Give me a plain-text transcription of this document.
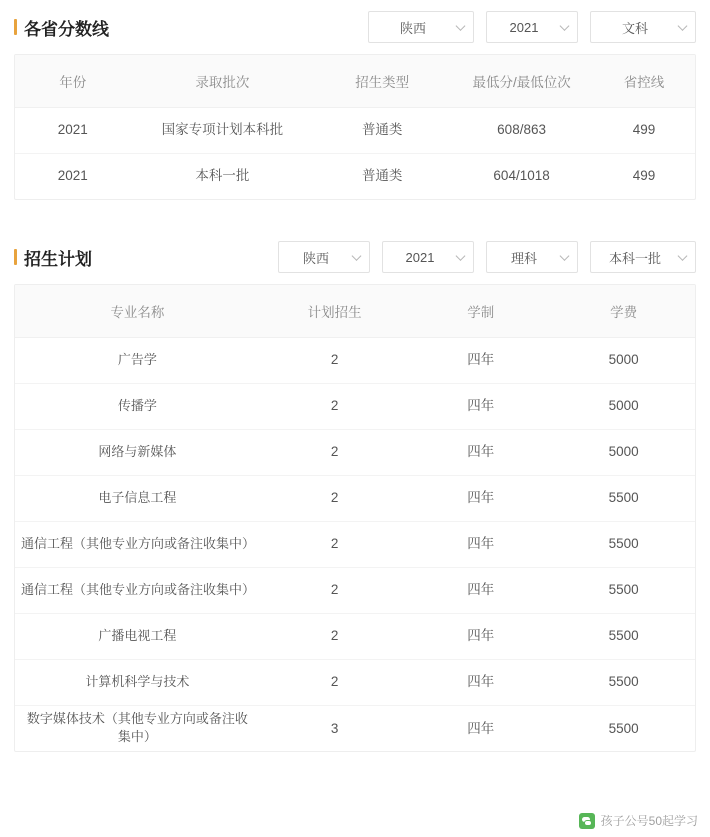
各省分数线	陕西	2021	文科
年份	录取批次	招生类型	最低分/最低位次	省控线
2021	国家专项计划本科批	普通类	608/863	499
2021	本科一批	普通类	604/1018	499
招生计划	陕西	2021	理科	本科一批
专业名称	计划招生	学制	学费
广告学	2	四年	5000
传播学	2	四年	5000
网络与新媒体	2	四年	5000
电子信息工程	2	四年	5500
通信工程（其他专业方向或备注收集中）	2	四年	5500
通信工程（其他专业方向或备注收集中）	2	四年	5500
广播电视工程	2	四年	5500
计算机科学与技术	2	四年	5500
数字媒体技术（其他专业方向或备注收集中）	3	四年	5500
孩子公号50起学习
